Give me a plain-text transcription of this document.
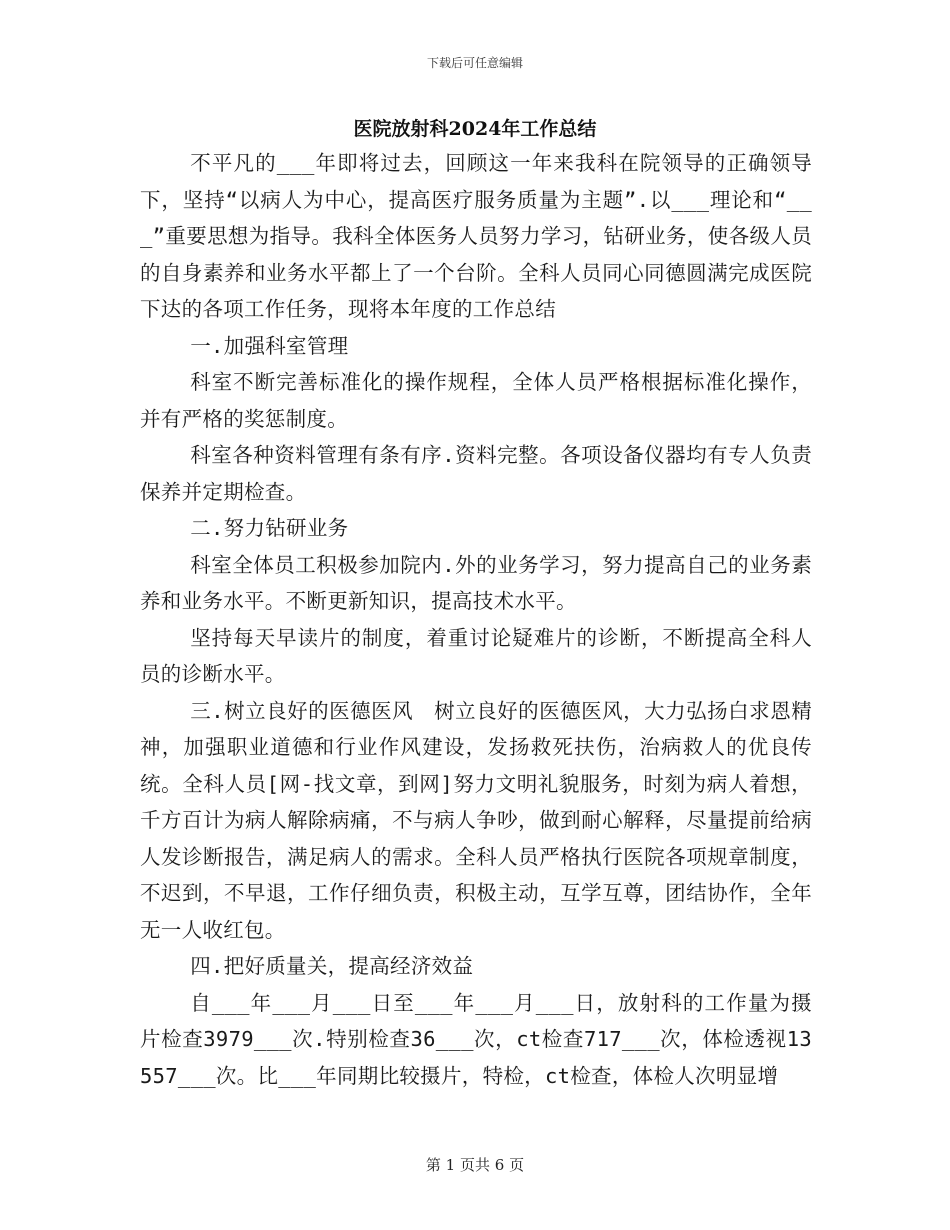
下载后可任意编辑
医院放射科2024年工作总结

不平凡的___年即将过去，回顾这一年来我科在院领导的正确领导下，坚持“以病人为中心，提高医疗服务质量为主题”.以___理论和“___”重要思想为指导。我科全体医务人员努力学习，钻研业务，使各级人员的自身素养和业务水平都上了一个台阶。全科人员同心同德圆满完成医院下达的各项工作任务，现将本年度的工作总结

一.加强科室管理

科室不断完善标准化的操作规程，全体人员严格根据标准化操作，并有严格的奖惩制度。

科室各种资料管理有条有序.资料完整。各项设备仪器均有专人负责保养并定期检查。

二.努力钻研业务

科室全体员工积极参加院内.外的业务学习，努力提高自己的业务素养和业务水平。不断更新知识，提高技术水平。

坚持每天早读片的制度，着重讨论疑难片的诊断，不断提高全科人员的诊断水平。

三.树立良好的医德医风　树立良好的医德医风，大力弘扬白求恩精神，加强职业道德和行业作风建设，发扬救死扶伤，治病救人的优良传统。全科人员[网-找文章，到网]努力文明礼貌服务，时刻为病人着想，千方百计为病人解除病痛，不与病人争吵，做到耐心解释，尽量提前给病人发诊断报告，满足病人的需求。全科人员严格执行医院各项规章制度，不迟到，不早退，工作仔细负责，积极主动，互学互尊，团结协作，全年无一人收红包。

四.把好质量关，提高经济效益

自___年___月___日至___年___月___日，放射科的工作量为摄片检查3979___次.特别检查36___次，ct检查717___次，体检透视13557___次。比___年同期比较摄片，特检，ct检查，体检人次明显增

第 1 页共 6 页
